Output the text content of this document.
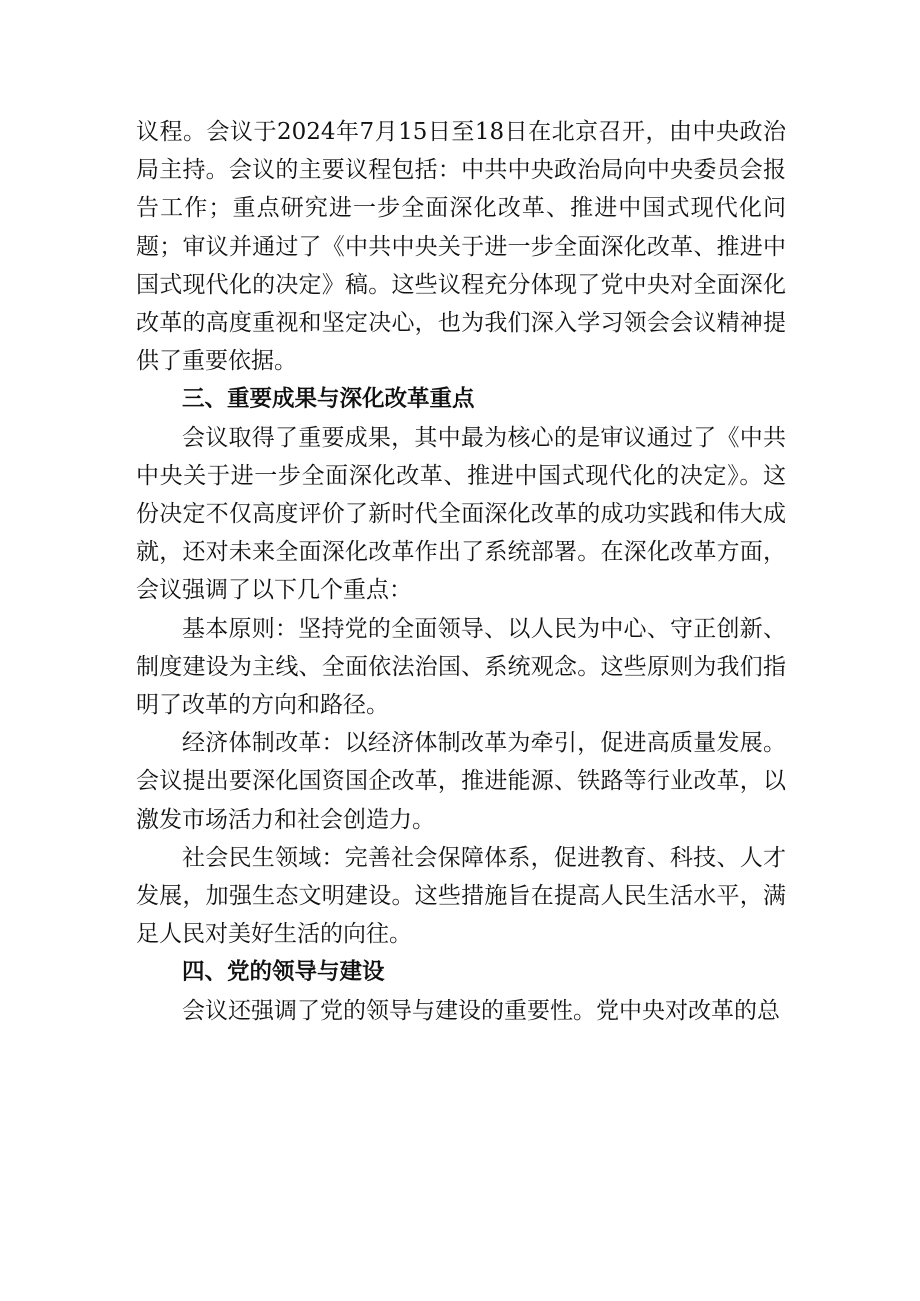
议程。会议于2024年7月15日至18日在北京召开，由中央政治局主持。会议的主要议程包括：中共中央政治局向中央委员会报告工作；重点研究进一步全面深化改革、推进中国式现代化问题；审议并通过了《中共中央关于进一步全面深化改革、推进中国式现代化的决定》稿。这些议程充分体现了党中央对全面深化改革的高度重视和坚定决心，也为我们深入学习领会会议精神提供了重要依据。

三、重要成果与深化改革重点

会议取得了重要成果，其中最为核心的是审议通过了《中共中央关于进一步全面深化改革、推进中国式现代化的决定》。这份决定不仅高度评价了新时代全面深化改革的成功实践和伟大成就，还对未来全面深化改革作出了系统部署。在深化改革方面，会议强调了以下几个重点：

基本原则：坚持党的全面领导、以人民为中心、守正创新、制度建设为主线、全面依法治国、系统观念。这些原则为我们指明了改革的方向和路径。

经济体制改革：以经济体制改革为牵引，促进高质量发展。会议提出要深化国资国企改革，推进能源、铁路等行业改革，以激发市场活力和社会创造力。

社会民生领域：完善社会保障体系，促进教育、科技、人才发展，加强生态文明建设。这些措施旨在提高人民生活水平，满足人民对美好生活的向往。

四、党的领导与建设

会议还强调了党的领导与建设的重要性。党中央对改革的总
